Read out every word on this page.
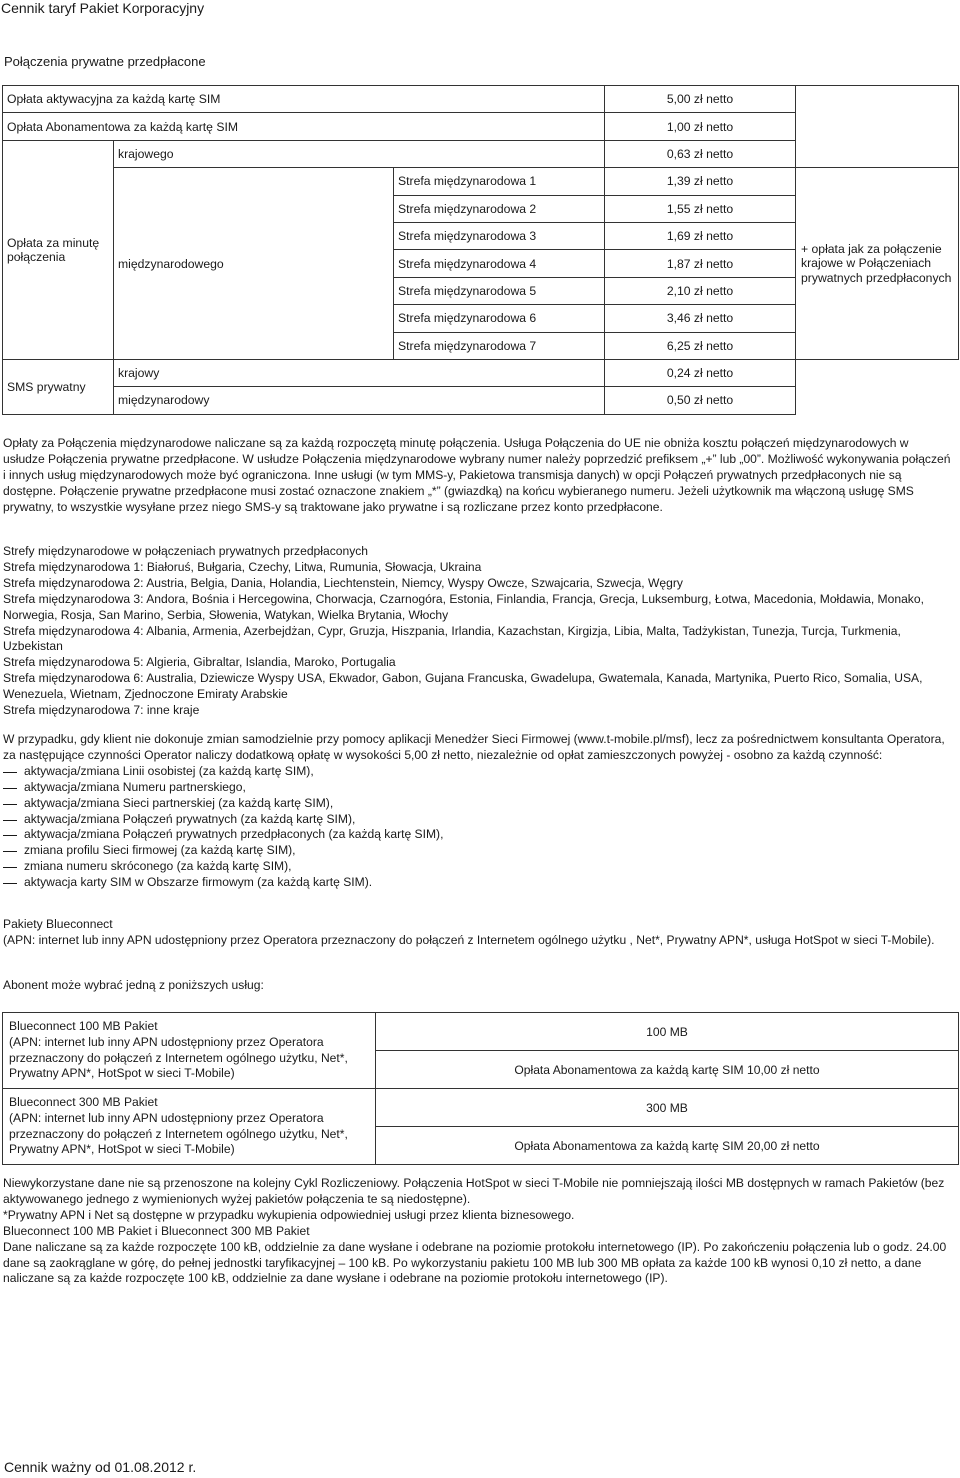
Cennik taryf Pakiet Korporacyjny
Połączenia prywatne przedpłacone
Opłata aktywacyjna za każdą kartę SIM			5,00 zł netto	
Opłata Abonamentowa za każdą kartę SIM			1,00 zł netto	
Opłata za minutę połączenia	krajowego		0,63 zł netto	
	międzynarodowego	Strefa międzynarodowa 1	1,39 zł netto	+ opłata jak za połączenie krajowe w Połączeniach prywatnych przedpłaconych
		Strefa międzynarodowa 2	1,55 zł netto	
		Strefa międzynarodowa 3	1,69 zł netto	
		Strefa międzynarodowa 4	1,87 zł netto	
		Strefa międzynarodowa 5	2,10 zł netto	
		Strefa międzynarodowa 6	3,46 zł netto	
		Strefa międzynarodowa 7	6,25 zł netto	
SMS prywatny	krajowy		0,24 zł netto	
	międzynarodowy		0,50 zł netto	
Opłaty za Połączenia międzynarodowe naliczane są za każdą rozpoczętą minutę połączenia. Usługa Połączenia do UE nie obniża kosztu połączeń międzynarodowych w usłudze Połączenia prywatne przedpłacone. W usłudze Połączenia międzynarodowe wybrany numer należy poprzedzić prefiksem „+” lub „00”. Możliwość wykonywania połączeń i innych usług międzynarodowych może być ograniczona. Inne usługi (w tym MMS-y, Pakietowa transmisja danych) w opcji Połączeń prywatnych przedpłaconych nie są dostępne. Połączenie prywatne przedpłacone musi zostać oznaczone znakiem „*” (gwiazdką) na końcu wybieranego numeru. Jeżeli użytkownik ma włączoną usługę SMS prywatny, to wszystkie wysyłane przez niego SMS-y są traktowane jako prywatne i są rozliczane przez konto przedpłacone.
Strefy międzynarodowe w połączeniach prywatnych przedpłaconych
Strefa międzynarodowa 1: Białoruś, Bułgaria, Czechy, Litwa, Rumunia, Słowacja, Ukraina
Strefa międzynarodowa 2: Austria, Belgia, Dania, Holandia, Liechtenstein, Niemcy, Wyspy Owcze, Szwajcaria, Szwecja, Węgry
Strefa międzynarodowa 3: Andora, Bośnia i Hercegowina, Chorwacja, Czarnogóra, Estonia, Finlandia, Francja, Grecja, Luksemburg, Łotwa, Macedonia, Mołdawia, Monako, Norwegia, Rosja, San Marino, Serbia, Słowenia, Watykan, Wielka Brytania, Włochy
Strefa międzynarodowa 4: Albania, Armenia, Azerbejdżan, Cypr, Gruzja, Hiszpania, Irlandia, Kazachstan, Kirgizja, Libia, Malta, Tadżykistan, Tunezja, Turcja, Turkmenia, Uzbekistan
Strefa międzynarodowa 5: Algieria, Gibraltar, Islandia, Maroko, Portugalia
Strefa międzynarodowa 6: Australia, Dziewicze Wyspy USA, Ekwador, Gabon, Gujana Francuska, Gwadelupa, Gwatemala, Kanada, Martynika, Puerto Rico, Somalia, USA, Wenezuela, Wietnam, Zjednoczone Emiraty Arabskie
Strefa międzynarodowa 7: inne kraje
W przypadku, gdy klient nie dokonuje zmian samodzielnie przy pomocy aplikacji Menedżer Sieci Firmowej (www.t-mobile.pl/msf), lecz za pośrednictwem konsultanta Operatora, za następujące czynności Operator naliczy dodatkową opłatę w wysokości 5,00 zł netto, niezależnie od opłat zamieszczonych powyżej - osobno za każdą czynność:
aktywacja/zmiana Linii osobistej (za każdą kartę SIM),
aktywacja/zmiana Numeru partnerskiego,
aktywacja/zmiana Sieci partnerskiej (za każdą kartę SIM),
aktywacja/zmiana Połączeń prywatnych (za każdą kartę SIM),
aktywacja/zmiana Połączeń prywatnych przedpłaconych (za każdą kartę SIM),
zmiana profilu Sieci firmowej (za każdą kartę SIM),
zmiana numeru skróconego (za każdą kartę SIM),
aktywacja karty SIM w Obszarze firmowym (za każdą kartę SIM).
Pakiety Blueconnect
(APN: internet lub inny APN udostępniony przez Operatora przeznaczony do połączeń z Internetem ogólnego użytku , Net*, Prywatny APN*, usługa HotSpot w sieci T-Mobile).
Abonent może wybrać jedną z poniższych usług:
Blueconnect 100 MB Pakiet
(APN: internet lub inny APN udostępniony przez Operatora przeznaczony do połączeń z Internetem ogólnego użytku, Net*, Prywatny APN*, HotSpot w sieci T-Mobile)	100 MB
	Opłata Abonamentowa za każdą kartę SIM 10,00 zł netto

Blueconnect 300 MB Pakiet
(APN: internet lub inny APN udostępniony przez Operatora przeznaczony do połączeń z Internetem ogólnego użytku, Net*, Prywatny APN*, HotSpot w sieci T-Mobile)	300 MB
	Opłata Abonamentowa za każdą kartę SIM 20,00 zł netto
Niewykorzystane dane nie są przenoszone na kolejny Cykl Rozliczeniowy. Połączenia HotSpot w sieci T-Mobile nie pomniejszają ilości MB dostępnych w ramach Pakietów (bez aktywowanego jednego z wymienionych wyżej pakietów połączenia te są niedostępne).
*Prywatny APN i Net są dostępne w przypadku wykupienia odpowiedniej usługi przez klienta biznesowego.
Blueconnect 100 MB Pakiet i Blueconnect 300 MB Pakiet
Dane naliczane są za każde rozpoczęte 100 kB, oddzielnie za dane wysłane i odebrane na poziomie protokołu internetowego (IP). Po zakończeniu połączenia lub o godz. 24.00 dane są zaokrąglane w górę, do pełnej jednostki taryfikacyjnej – 100 kB. Po wykorzystaniu pakietu 100 MB lub 300 MB opłata za każde 100 kB wynosi 0,10 zł netto, a dane naliczane są za każde rozpoczęte 100 kB, oddzielnie za dane wysłane i odebrane na poziomie protokołu internetowego (IP).
Cennik ważny od 01.08.2012 r.
